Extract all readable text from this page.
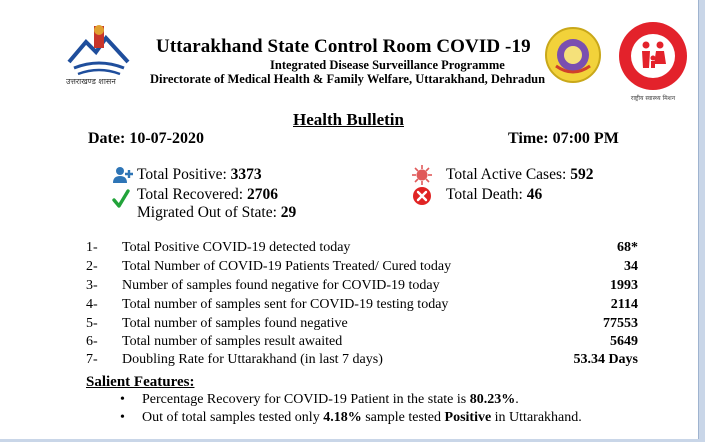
उत्तराखण्ड शासन
Uttarakhand State Control Room COVID -19
Integrated Disease Surveillance Programme
Directorate of Medical Health & Family Welfare, Uttarakhand, Dehradun
राष्ट्रीय स्वास्थ्य मिशन
Health Bulletin
Date: 10-07-2020	Time: 07:00 PM
Total Positive: 3373
Total Recovered: 2706
Migrated Out of State: 29
Total Active Cases: 592
Total Death: 46
1- Total Positive COVID-19 detected today	68*
2- Total Number of COVID-19 Patients Treated/ Cured today	34
3- Number of samples found negative for COVID-19 today	1993
4- Total number of samples sent for COVID-19 testing today	2114
5- Total number of samples found negative	77553
6- Total number of samples result awaited	5649
7- Doubling Rate for Uttarakhand (in last 7 days)	53.34 Days
Salient Features:
• Percentage Recovery for COVID-19 Patient in the state is 80.23%.
• Out of total samples tested only 4.18% sample tested Positive in Uttarakhand.
